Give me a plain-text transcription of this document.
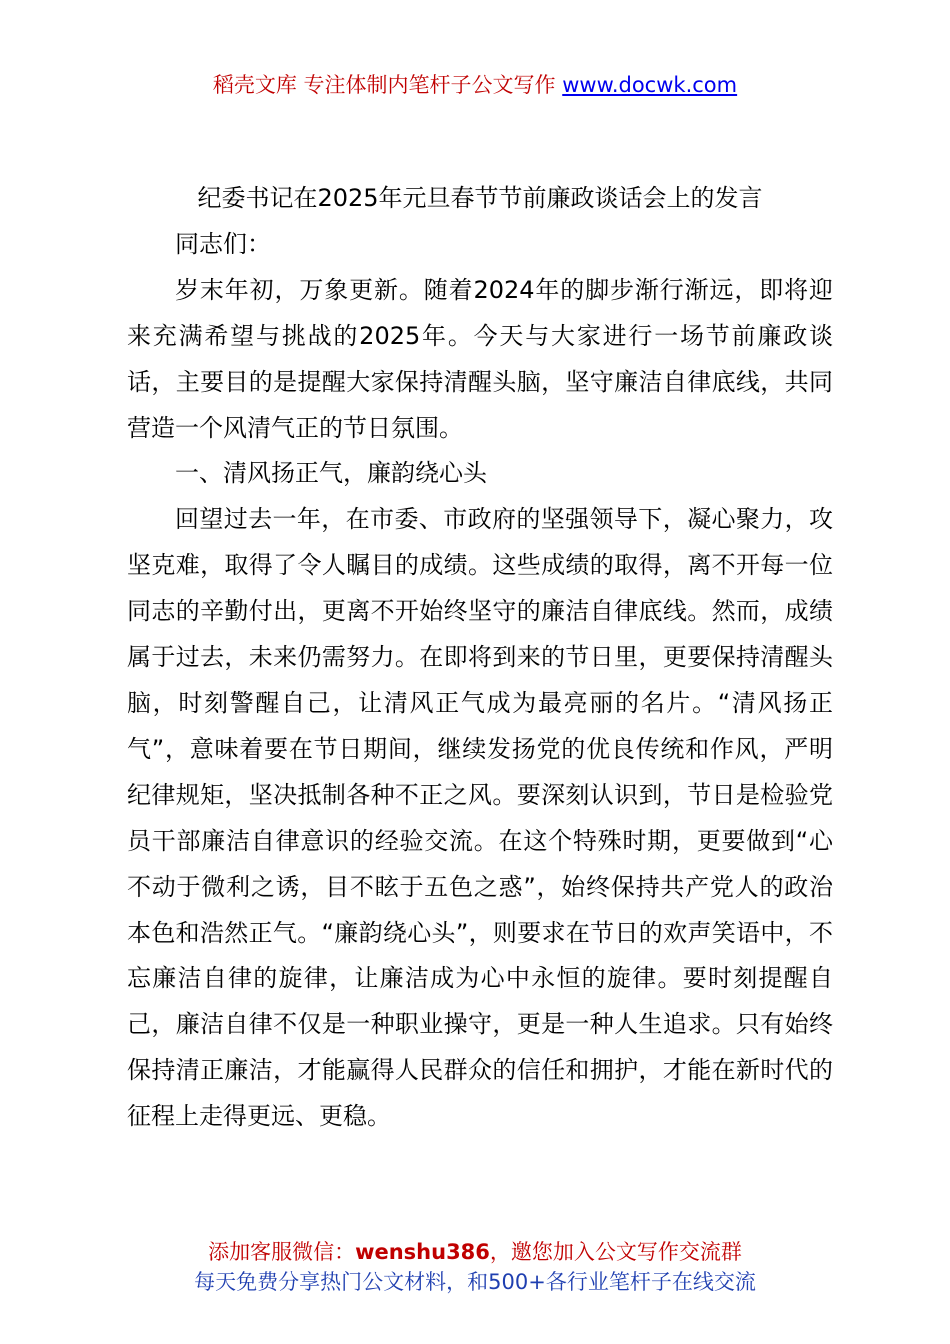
稻壳文库 专注体制内笔杆子公文写作 www.docwk.com

纪委书记在2025年元旦春节节前廉政谈话会上的发言

同志们：

岁末年初，万象更新。随着2024年的脚步渐行渐远，即将迎来充满希望与挑战的2025年。今天与大家进行一场节前廉政谈话，主要目的是提醒大家保持清醒头脑，坚守廉洁自律底线，共同营造一个风清气正的节日氛围。

一、清风扬正气，廉韵绕心头

回望过去一年，在市委、市政府的坚强领导下，凝心聚力，攻坚克难，取得了令人瞩目的成绩。这些成绩的取得，离不开每一位同志的辛勤付出，更离不开始终坚守的廉洁自律底线。然而，成绩属于过去，未来仍需努力。在即将到来的节日里，更要保持清醒头脑，时刻警醒自己，让清风正气成为最亮丽的名片。“清风扬正气”，意味着要在节日期间，继续发扬党的优良传统和作风，严明纪律规矩，坚决抵制各种不正之风。要深刻认识到，节日是检验党员干部廉洁自律意识的经验交流。在这个特殊时期，更要做到“心不动于微利之诱，目不眩于五色之惑”，始终保持共产党人的政治本色和浩然正气。“廉韵绕心头”，则要求在节日的欢声笑语中，不忘廉洁自律的旋律，让廉洁成为心中永恒的旋律。要时刻提醒自己，廉洁自律不仅是一种职业操守，更是一种人生追求。只有始终保持清正廉洁，才能赢得人民群众的信任和拥护，才能在新时代的征程上走得更远、更稳。

添加客服微信：wenshu386，邀您加入公文写作交流群
每天免费分享热门公文材料，和500+各行业笔杆子在线交流
